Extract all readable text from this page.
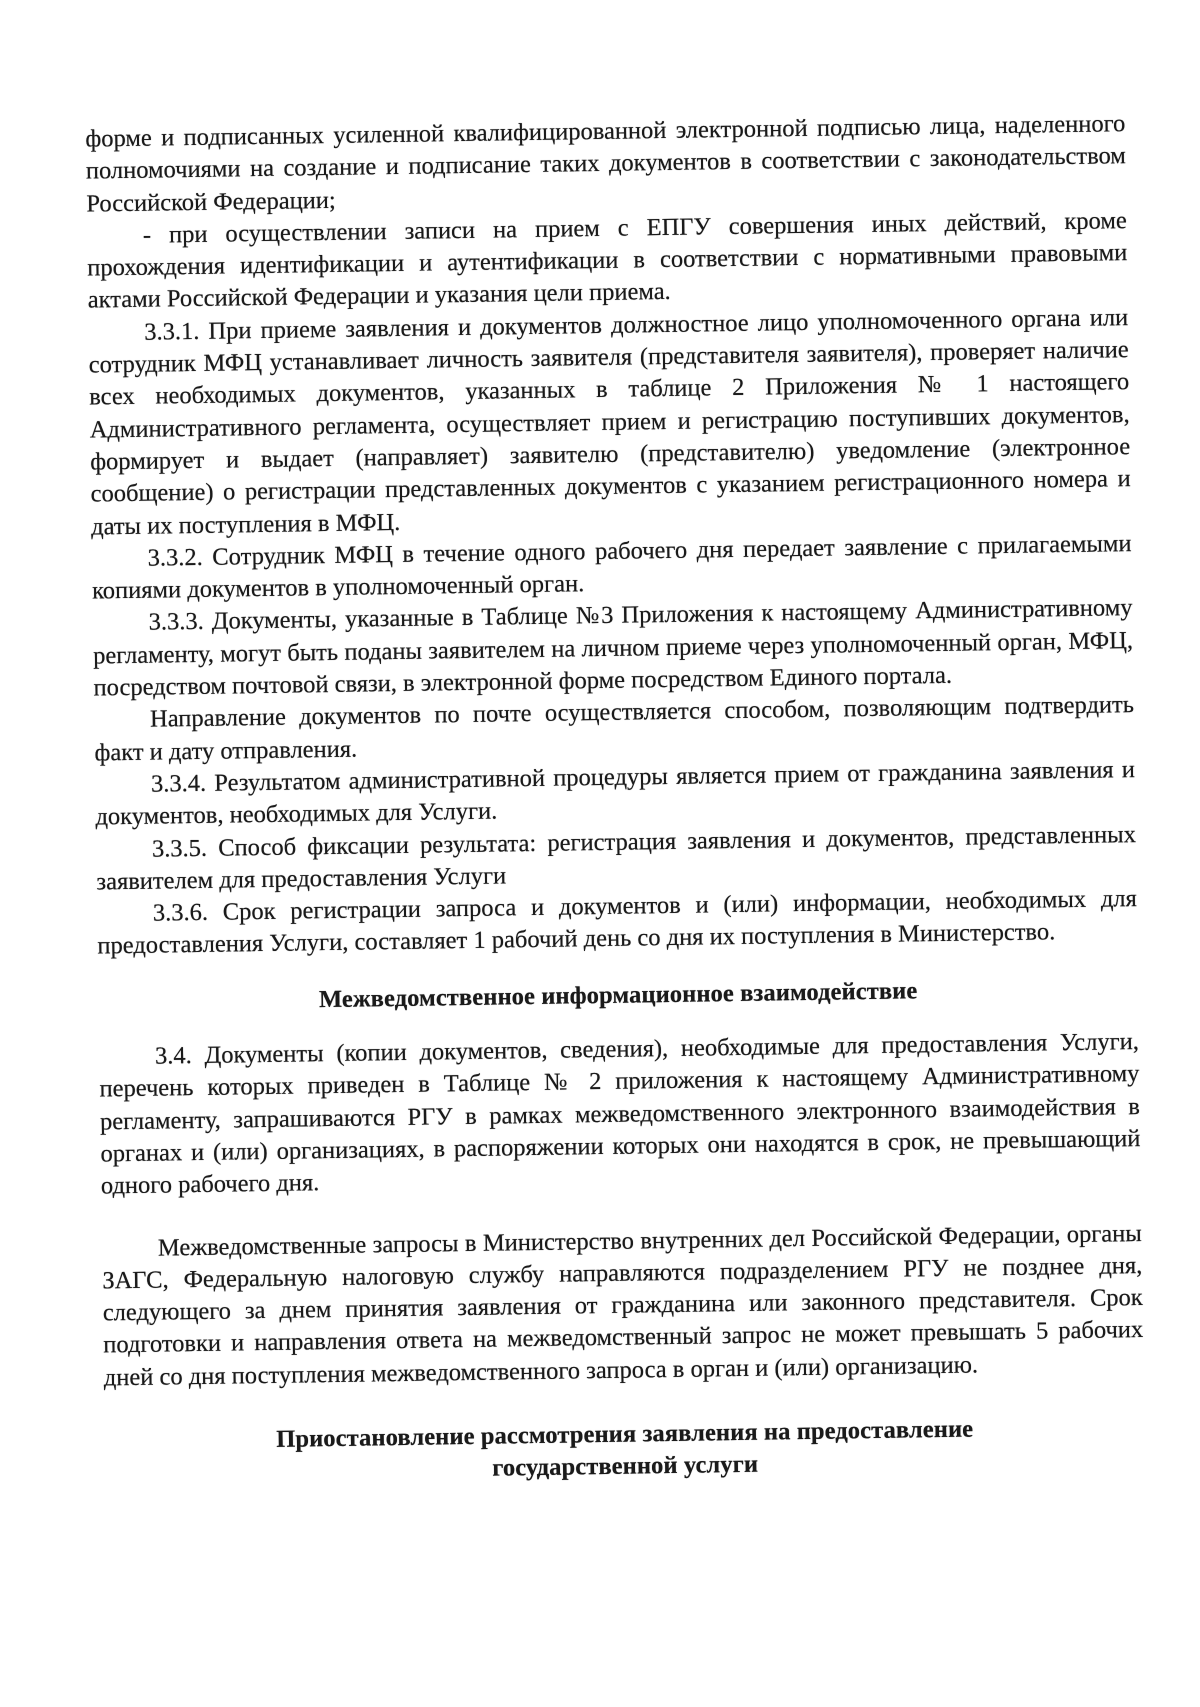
форме и подписанных усиленной квалифицированной электронной подписью лица, наделенного полномочиями на создание и подписание таких документов в соответствии с законодательством Российской Федерации;

- при осуществлении записи на прием с ЕПГУ совершения иных действий, кроме прохождения идентификации и аутентификации в соответствии с нормативными правовыми актами Российской Федерации и указания цели приема.

3.3.1. При приеме заявления и документов должностное лицо уполномоченного органа или сотрудник МФЦ устанавливает личность заявителя (представителя заявителя), проверяет наличие всех необходимых документов, указанных в таблице 2 Приложения № 1 настоящего Административного регламента, осуществляет прием и регистрацию поступивших документов, формирует и выдает (направляет) заявителю (представителю) уведомление (электронное сообщение) о регистрации представленных документов с указанием регистрационного номера и даты их поступления в МФЦ.

3.3.2. Сотрудник МФЦ в течение одного рабочего дня передает заявление с прилагаемыми копиями документов в уполномоченный орган.

3.3.3. Документы, указанные в Таблице №3 Приложения к настоящему Административному регламенту, могут быть поданы заявителем на личном приеме через уполномоченный орган, МФЦ, посредством почтовой связи, в электронной форме посредством Единого портала.

Направление документов по почте осуществляется способом, позволяющим подтвердить факт и дату отправления.

3.3.4. Результатом административной процедуры является прием от гражданина заявления и документов, необходимых для Услуги.

3.3.5. Способ фиксации результата: регистрация заявления и документов, представленных заявителем для предоставления Услуги

3.3.6. Срок регистрации запроса и документов и (или) информации, необходимых для предоставления Услуги, составляет 1 рабочий день со дня их поступления в Министерство.

Межведомственное информационное взаимодействие

3.4. Документы (копии документов, сведения), необходимые для предоставления Услуги, перечень которых приведен в Таблице № 2 приложения к настоящему Административному регламенту, запрашиваются РГУ в рамках межведомственного электронного взаимодействия в органах и (или) организациях, в распоряжении которых они находятся в срок, не превышающий одного рабочего дня.

Межведомственные запросы в Министерство внутренних дел Российской Федерации, органы ЗАГС, Федеральную налоговую службу направляются подразделением РГУ не позднее дня, следующего за днем принятия заявления от гражданина или законного представителя. Срок подготовки и направления ответа на межведомственный запрос не может превышать 5 рабочих дней со дня поступления межведомственного запроса в орган и (или) организацию.

Приостановление рассмотрения заявления на предоставление
государственной услуги
